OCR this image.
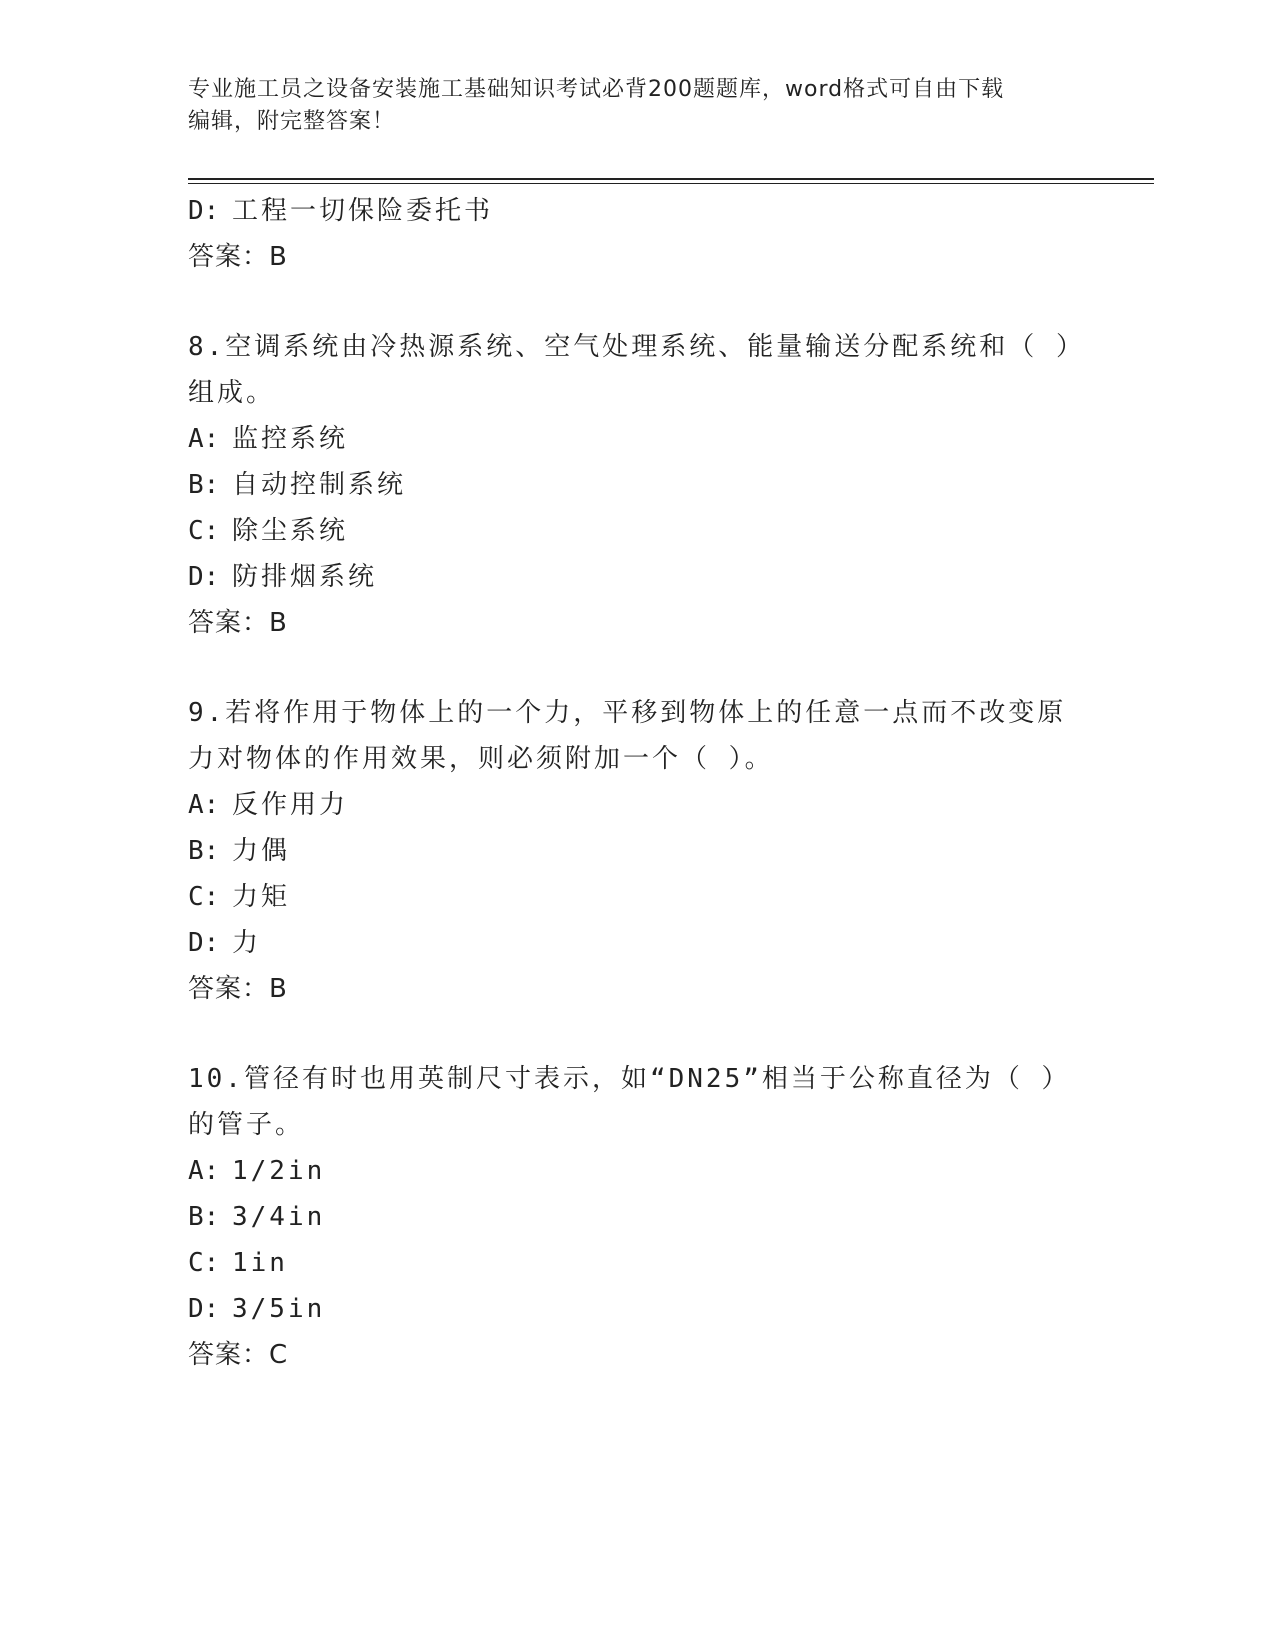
专业施工员之设备安装施工基础知识考试必背200题题库，word格式可自由下载
编辑，附完整答案！
D: 工程一切保险委托书
答案：B
8.空调系统由冷热源系统、空气处理系统、能量输送分配系统和（ ）
组成。
A: 监控系统
B: 自动控制系统
C: 除尘系统
D: 防排烟系统
答案：B
9.若将作用于物体上的一个力，平移到物体上的任意一点而不改变原
力对物体的作用效果，则必须附加一个（ ）。
A: 反作用力
B: 力偶
C: 力矩
D: 力
答案：B
10.管径有时也用英制尺寸表示，如“DN25”相当于公称直径为（ ）
的管子。
A: 1/2in
B: 3/4in
C: 1in
D: 3/5in
答案：C
